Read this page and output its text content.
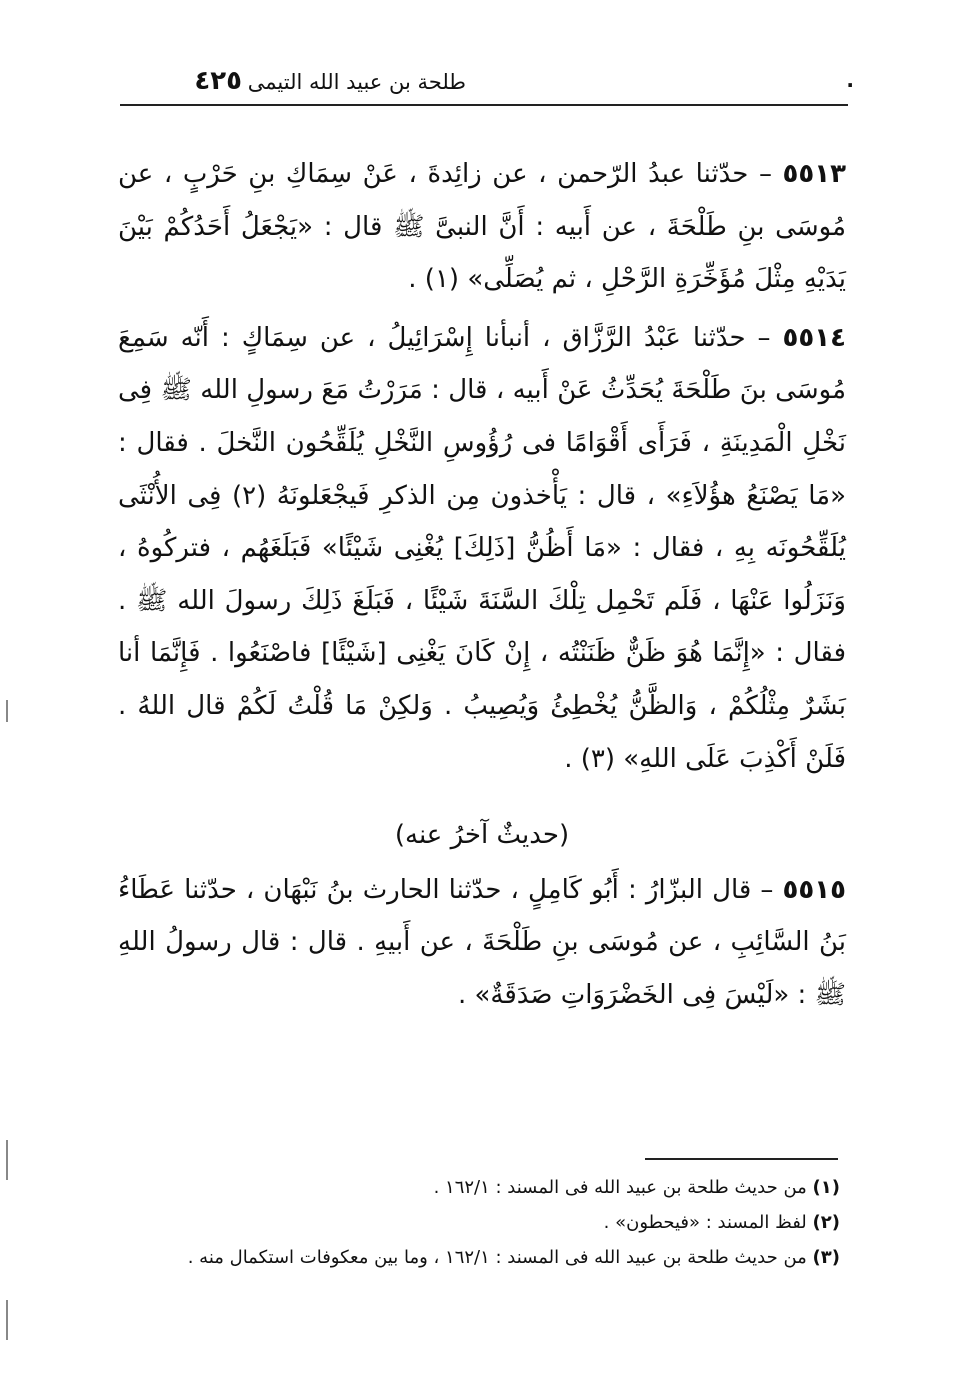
.
طلحة بن عبيد الله التيمى
٤٢٥

٥٥١٣ – حدّثنا عبدُ الرّحمن ، عن زائِدةَ ، عَنْ سِمَاكِ بنِ حَرْبٍ ، عن مُوسَى بنِ طَلْحَةَ ، عن أَبيه : أَنَّ النبىَّ ﷺ قال : «يَجْعَلُ أَحَدُكُمْ بَيْنَ يَدَيْهِ مِثْلَ مُؤَخِّرَةِ الرَّحْلِ ، ثم يُصَلِّى» (١) .

٥٥١٤ – حدّثنا عَبْدُ الرَّزَّاق ، أنبأنا إِسْرَائِيلُ ، عن سِمَاكٍ : أَنّه سَمِعَ مُوسَى بنَ طَلْحَةَ يُحَدِّثُ عَنْ أَبيه ، قال : مَرَرْتُ مَعَ رسولِ الله ﷺ فِى نَخْلِ الْمَدِينَةِ ، فَرَأَى أَقْوَامًا فى رُؤُوسِ النَّخْلِ يُلَقِّحُون النَّخلَ . فقال : «مَا يَصْنَعُ هؤُلاَءِ» ، قال : يَأْخذون مِن الذكرِ فَيجْعَلونَهُ (٢) فِى الأُنْثَى يُلَقِّحُونَه بِهِ ، فقال : «مَا أَظُنُّ [ذَلِكَ] يُغْنِى شَيْئًا» فَبَلَغَهُم ، فتركُوهُ ، وَنَزَلُوا عَنْهَا ، فَلَم تَحْمِل تِلْكَ السَّنَةَ شَيْئًا ، فَبَلَغَ ذَلِكَ رسولَ الله ﷺ . فقال : «إِنَّمَا هُوَ ظَنٌّ ظَنَنْتُه ، إِنْ كَانَ يَغْنِى [شَيْئًا] فاصْنَعُوا . فَإِنَّمَا أنا بَشَرٌ مِثْلُكُمْ ، وَالظَّنُّ يُخْطِئُ وَيُصِيبُ . وَلكِنْ مَا قُلْتُ لَكُمْ قال اللهُ . فَلَنْ أَكْذِبَ عَلَى اللهِ» (٣) .

(حديثٌ آخرُ عنه)

٥٥١٥ – قال البزّارُ : أَبُو كَامِلٍ ، حدّثنا الحارث بنُ نَبْهَان ، حدّثنا عَطَاءُ بَنُ السَّائِبِ ، عن مُوسَى بنِ طَلْحَةَ ، عن أَبيهِ . قال : قال رسولُ اللهِ ﷺ : «لَيْسَ فِى الخَضْرَوَاتِ صَدَقَةٌ» .

(١) من حديث طلحة بن عبيد الله فى المسند : ١٦٢/١ .

(٢) لفظ المسند : «فيحطون» .

(٣) من حديث طلحة بن عبيد الله فى المسند : ١٦٢/١ ، وما بين معكوفات استكمال منه .
